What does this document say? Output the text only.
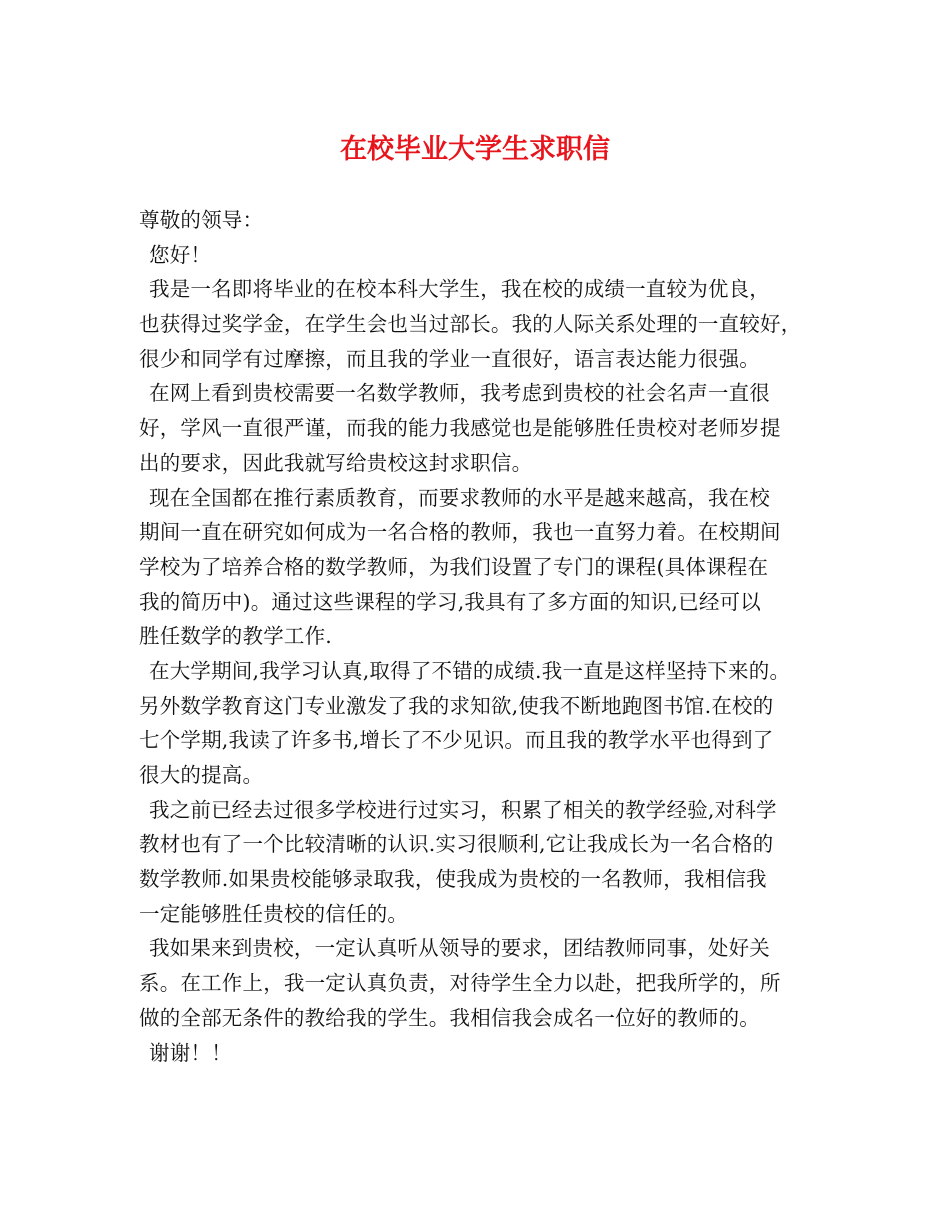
在校毕业大学生求职信
尊敬的领导：
您好！
我是一名即将毕业的在校本科大学生，我在校的成绩一直较为优良，
也获得过奖学金，在学生会也当过部长。我的人际关系处理的一直较好，
很少和同学有过摩擦，而且我的学业一直很好，语言表达能力很强。
在网上看到贵校需要一名数学教师，我考虑到贵校的社会名声一直很
好，学风一直很严谨，而我的能力我感觉也是能够胜任贵校对老师岁提
出的要求，因此我就写给贵校这封求职信。
现在全国都在推行素质教育，而要求教师的水平是越来越高，我在校
期间一直在研究如何成为一名合格的教师，我也一直努力着。在校期间
学校为了培养合格的数学教师，为我们设置了专门的课程(具体课程在
我的简历中)。通过这些课程的学习,我具有了多方面的知识,已经可以
胜任数学的教学工作.
在大学期间,我学习认真,取得了不错的成绩.我一直是这样坚持下来的。
另外数学教育这门专业激发了我的求知欲,使我不断地跑图书馆.在校的
七个学期,我读了许多书,增长了不少见识。而且我的教学水平也得到了
很大的提高。
我之前已经去过很多学校进行过实习，积累了相关的教学经验,对科学
教材也有了一个比较清晰的认识.实习很顺利,它让我成长为一名合格的
数学教师.如果贵校能够录取我，使我成为贵校的一名教师，我相信我
一定能够胜任贵校的信任的。
我如果来到贵校，一定认真听从领导的要求，团结教师同事，处好关
系。在工作上，我一定认真负责，对待学生全力以赴，把我所学的，所
做的全部无条件的教给我的学生。我相信我会成名一位好的教师的。
谢谢！！
